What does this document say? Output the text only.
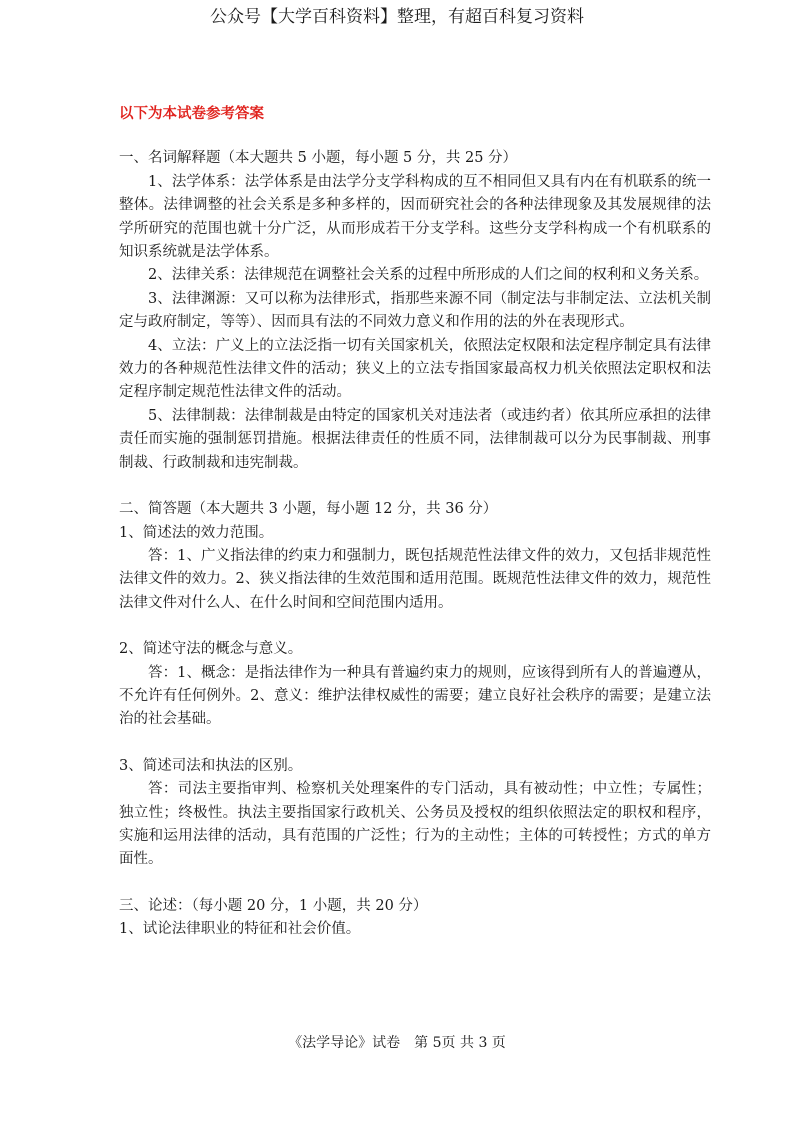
公众号【大学百科资料】整理，有超百科复习资料
以下为本试卷参考答案
一、名词解释题（本大题共 5 小题，每小题 5 分，共 25 分）

1、法学体系：法学体系是由法学分支学科构成的互不相同但又具有内在有机联系的统一整体。法律调整的社会关系是多种多样的，因而研究社会的各种法律现象及其发展规律的法学所研究的范围也就十分广泛，从而形成若干分支学科。这些分支学科构成一个有机联系的知识系统就是法学体系。

2、法律关系：法律规范在调整社会关系的过程中所形成的人们之间的权利和义务关系。

3、法律渊源：又可以称为法律形式，指那些来源不同（制定法与非制定法、立法机关制定与政府制定，等等）、因而具有法的不同效力意义和作用的法的外在表现形式。

4、立法：广义上的立法泛指一切有关国家机关，依照法定权限和法定程序制定具有法律效力的各种规范性法律文件的活动；狭义上的立法专指国家最高权力机关依照法定职权和法定程序制定规范性法律文件的活动。

5、法律制裁：法律制裁是由特定的国家机关对违法者（或违约者）依其所应承担的法律责任而实施的强制惩罚措施。根据法律责任的性质不同，法律制裁可以分为民事制裁、刑事制裁、行政制裁和违宪制裁。

二、简答题（本大题共 3 小题，每小题 12 分，共 36 分）
1、简述法的效力范围。

答：1、广义指法律的约束力和强制力，既包括规范性法律文件的效力，又包括非规范性法律文件的效力。2、狭义指法律的生效范围和适用范围。既规范性法律文件的效力，规范性法律文件对什么人、在什么时间和空间范围内适用。

2、简述守法的概念与意义。

答：1、概念：是指法律作为一种具有普遍约束力的规则，应该得到所有人的普遍遵从，不允许有任何例外。2、意义：维护法律权威性的需要；建立良好社会秩序的需要；是建立法治的社会基础。

3、简述司法和执法的区别。

答：司法主要指审判、检察机关处理案件的专门活动，具有被动性；中立性；专属性；独立性；终极性。执法主要指国家行政机关、公务员及授权的组织依照法定的职权和程序，实施和运用法律的活动，具有范围的广泛性；行为的主动性；主体的可转授性；方式的单方面性。

三、论述：（每小题 20 分，1 小题，共 20 分）
1、试论法律职业的特征和社会价值。
《法学导论》试卷　第 5页 共 3 页
